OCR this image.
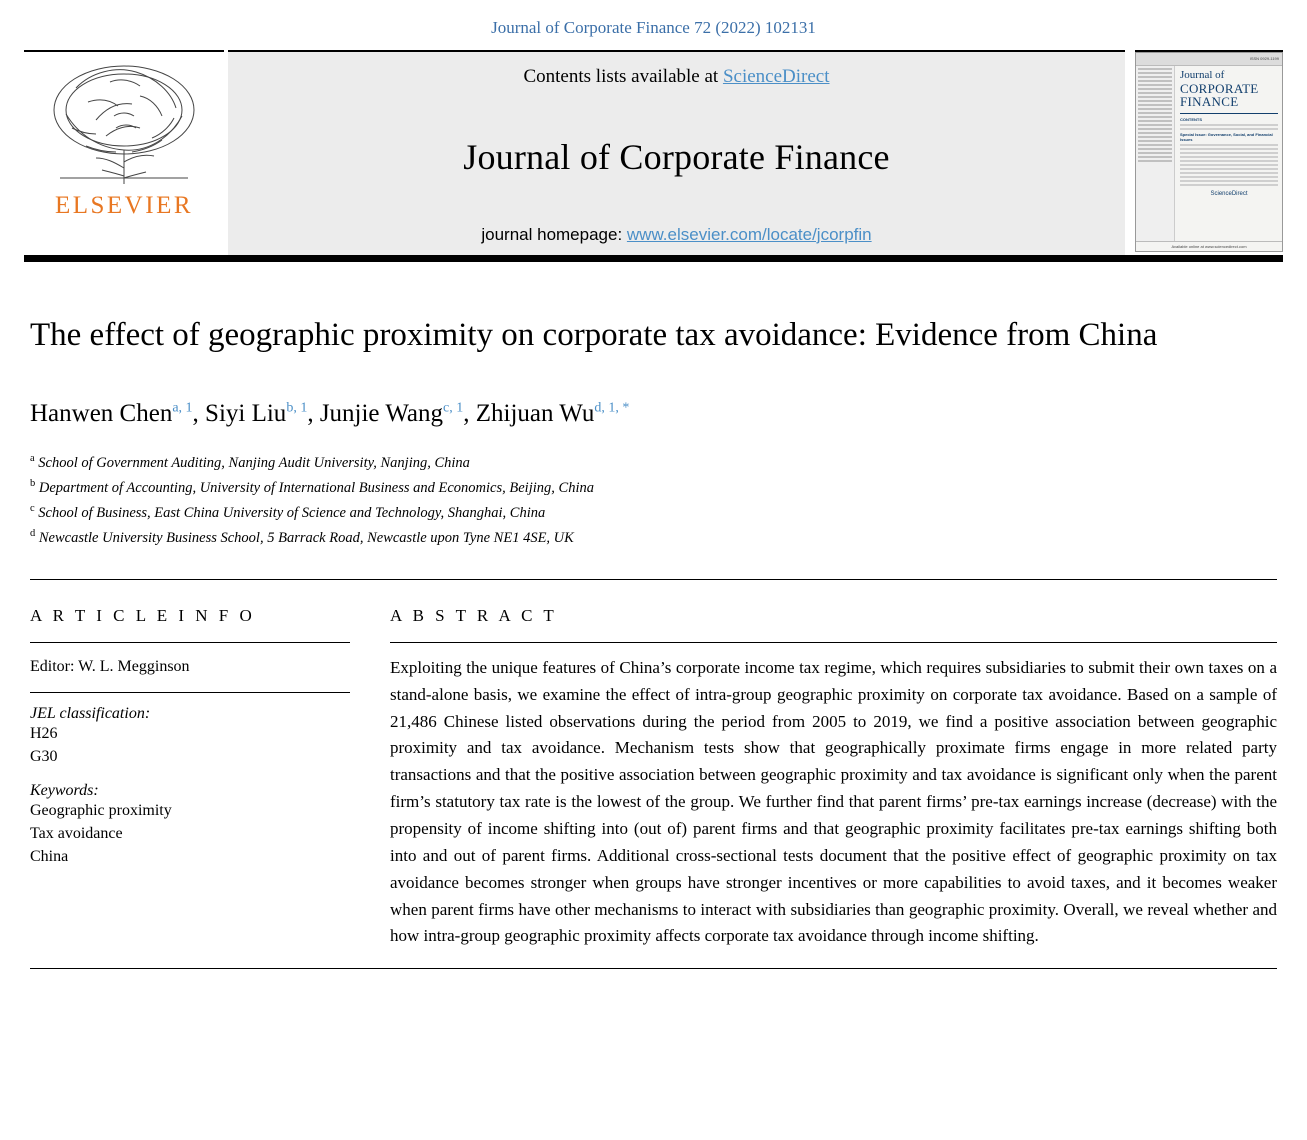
Journal of Corporate Finance 72 (2022) 102131
ELSEVIER
Contents lists available at ScienceDirect
Journal of Corporate Finance
journal homepage: www.elsevier.com/locate/jcorpfin
ISSN 0929-1199
Journal of
CORPORATE
FINANCE
CONTENTS
Special Issue: Governance, Social, and Financial Issues
ScienceDirect
Available online at www.sciencedirect.com
The effect of geographic proximity on corporate tax avoidance: Evidence from China
Hanwen Chen$^{a, 1}$, Siyi Liu$^{b, 1}$, Junjie Wang$^{c, 1}$, Zhijuan $Wu^{d, 1, *}$
$^a$ School of Government Auditing, Nanjing Audit University, Nanjing, China
$^b$ Department of Accounting, University of International Business and Economics, Beijing, China
$^c$ School of Business, East China University of Science and Technology, Shanghai, China
$^d$ Newcastle University Business School, 5 Barrack Road, Newcastle upon Tyne NE1 4SE, UK
A R T I C L E I N F O
Editor: W. L. Megginson
JEL classification:
H26
G30
Keywords:
Geographic proximity
Tax avoidance
China
A B S T R A C T
Exploiting the unique features of China’s corporate income tax regime, which requires subsidiaries to submit their own taxes on a stand-alone basis, we examine the effect of intra-group geographic proximity on corporate tax avoidance. Based on a sample of 21,486 Chinese listed observations during the period from 2005 to 2019, we find a positive association between geographic proximity and tax avoidance. Mechanism tests show that geographically proximate firms engage in more related party transactions and that the positive association between geographic proximity and tax avoidance is significant only when the parent firm’s statutory tax rate is the lowest of the group. We further find that parent firms’ pre-tax earnings increase (decrease) with the propensity of income shifting into (out of) parent firms and that geographic proximity facilitates pre-tax earnings shifting both into and out of parent firms. Additional cross-sectional tests document that the positive effect of geographic proximity on tax avoidance becomes stronger when groups have stronger incentives or more capabilities to avoid taxes, and it becomes weaker when parent firms have other mechanisms to interact with subsidiaries than geographic proximity. Overall, we reveal whether and how intra-group geographic proximity affects corporate tax avoidance through income shifting.
